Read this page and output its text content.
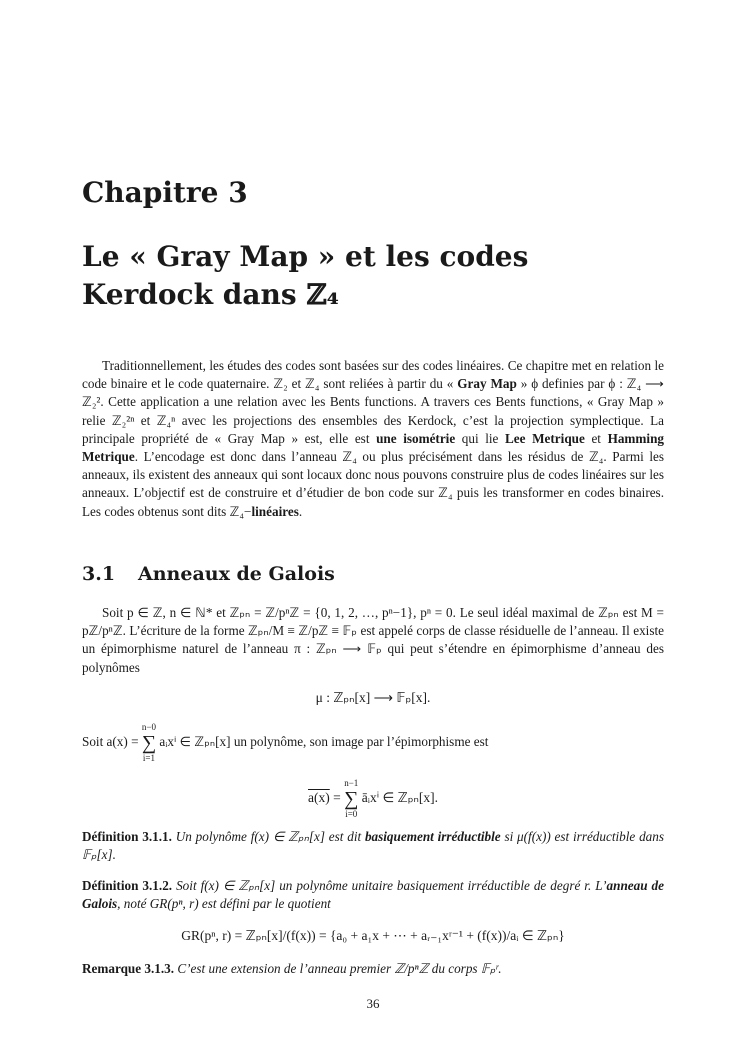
Chapitre 3
Le « Gray Map » et les codes
Kerdock dans ℤ₄

Traditionnellement, les études des codes sont basées sur des codes linéaires. Ce chapitre met en relation le code binaire et le code quaternaire. ℤ₂ et ℤ₄ sont reliées à partir du « Gray Map » ϕ definies par ϕ : ℤ₄ ⟶ ℤ₂². Cette application a une relation avec les Bents functions. A travers ces Bents functions, « Gray Map » relie ℤ₂²ⁿ et ℤ₄ⁿ avec les projections des ensembles des Kerdock, c’est la projection symplectique. La principale propriété de « Gray Map » est, elle est une isométrie qui lie Lee Metrique et Hamming Metrique. L’encodage est donc dans l’anneau ℤ₄ ou plus précisément dans les résidus de ℤ₄. Parmi les anneaux, ils existent des anneaux qui sont locaux donc nous pouvons construire plus de codes linéaires sur les anneaux. L’objectif est de construire et d’étudier de bon code sur ℤ₄ puis les transformer en codes binaires. Les codes obtenus sont dits ℤ₄−linéaires.

3.1 Anneaux de Galois

Soit p ∈ ℤ, n ∈ ℕ* et ℤₚₙ = ℤ/pⁿℤ = {0, 1, 2, …, pⁿ−1}, pⁿ = 0. Le seul idéal maximal de ℤₚₙ est M = pℤ/pⁿℤ. L’écriture de la forme ℤₚₙ/M ≡ ℤ/pℤ ≡ 𝔽ₚ est appelé corps de classe résiduelle de l’anneau. Il existe un épimorphisme naturel de l’anneau π : ℤₚₙ ⟶ 𝔽ₚ qui peut s’étendre en épimorphisme d’anneau des polynômes

μ : ℤₚₙ[x] ⟶ 𝔽ₚ[x].
Soit a(x) =
n−0
∑
i=1
aᵢxⁱ ∈ ℤₚₙ[x] un polynôme, son image par l’épimorphisme est
a(x) =
n−1
∑
i=0
āᵢxⁱ ∈ ℤₚₙ[x].

Définition 3.1.1. Un polynôme f(x) ∈ ℤₚₙ[x] est dit basiquement irréductible si μ(f(x)) est irréductible dans 𝔽ₚ[x].

Définition 3.1.2. Soit f(x) ∈ ℤₚₙ[x] un polynôme unitaire basiquement irréductible de degré r. L’anneau de Galois, noté GR(pⁿ, r) est défini par le quotient

GR(pⁿ, r) = ℤₚₙ[x]/(f(x)) = {a₀ + a₁x + ⋯ + aᵣ₋₁xʳ⁻¹ + (f(x))/aᵢ ∈ ℤₚₙ}

Remarque 3.1.3. C’est une extension de l’anneau premier ℤ/pⁿℤ du corps 𝔽ₚʳ.

36
